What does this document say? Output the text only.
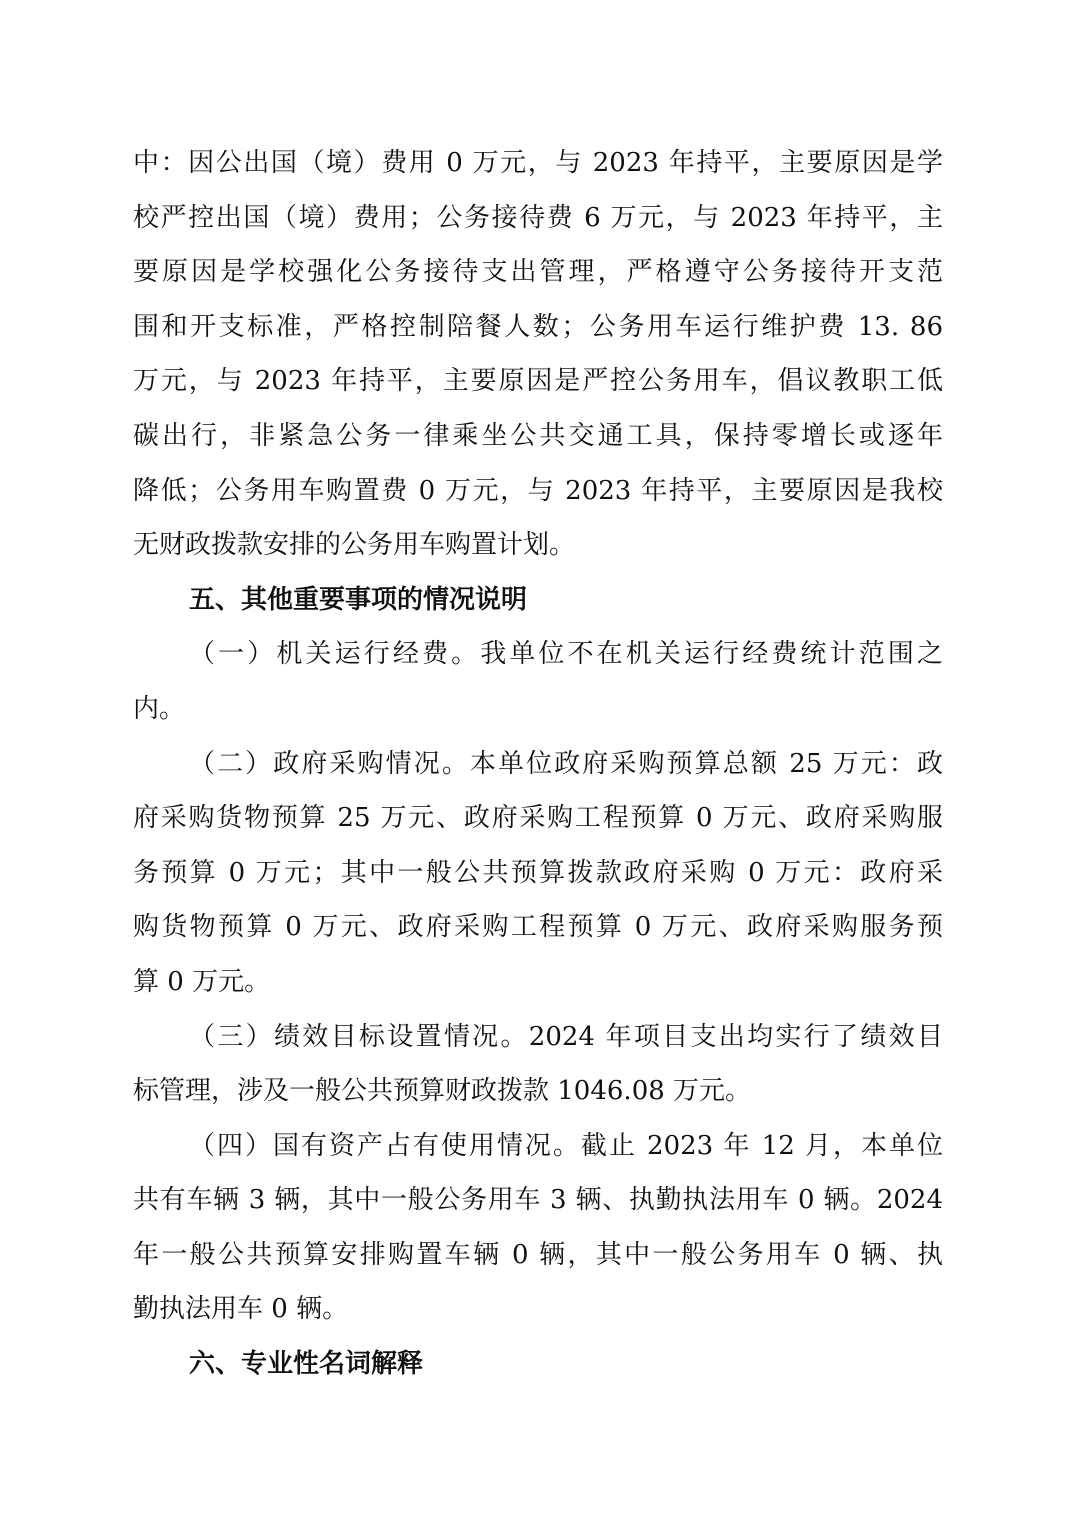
中：因公出国（境）费用 0 万元，与 2023 年持平，主要原因是学
校严控出国（境）费用；公务接待费 6 万元，与 2023 年持平，主
要原因是学校强化公务接待支出管理，严格遵守公务接待开支范
围和开支标准，严格控制陪餐人数；公务用车运行维护费 13. 86
万元，与 2023 年持平，主要原因是严控公务用车，倡议教职工低
碳出行，非紧急公务一律乘坐公共交通工具，保持零增长或逐年
降低；公务用车购置费 0 万元，与 2023 年持平，主要原因是我校
无财政拨款安排的公务用车购置计划。
五、其他重要事项的情况说明
（一）机关运行经费。我单位不在机关运行经费统计范围之
内。
（二）政府采购情况。本单位政府采购预算总额 25 万元：政
府采购货物预算 25 万元、政府采购工程预算 0 万元、政府采购服
务预算 0 万元；其中一般公共预算拨款政府采购 0 万元：政府采
购货物预算 0 万元、政府采购工程预算 0 万元、政府采购服务预
算 0 万元。
（三）绩效目标设置情况。2024 年项目支出均实行了绩效目
标管理，涉及一般公共预算财政拨款 1046.08 万元。
（四）国有资产占有使用情况。截止 2023 年 12 月，本单位
共有车辆 3 辆，其中一般公务用车 3 辆、执勤执法用车 0 辆。2024
年一般公共预算安排购置车辆 0 辆，其中一般公务用车 0 辆、执
勤执法用车 0 辆。
六、专业性名词解释
